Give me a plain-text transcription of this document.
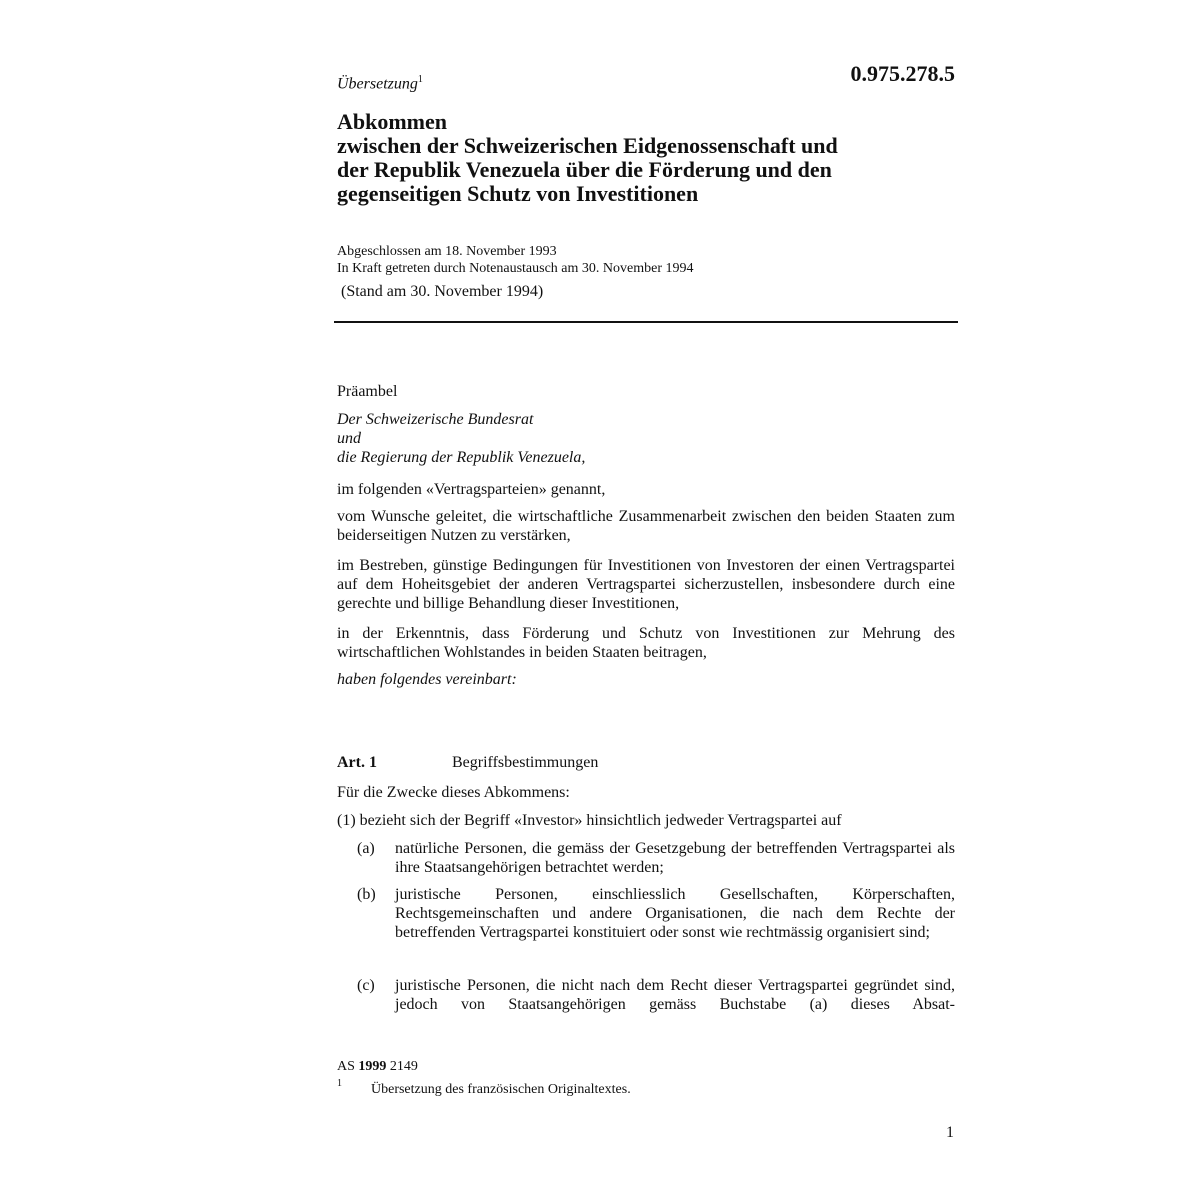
Übersetzung$^1$	0.975.278.5
Abkommen
zwischen der Schweizerischen Eidgenossenschaft und
der Republik Venezuela über die Förderung und den
gegenseitigen Schutz von Investitionen
Abgeschlossen am 18. November 1993
In Kraft getreten durch Notenaustausch am 30. November 1994
(Stand am 30. November 1994)
Präambel
Der Schweizerische Bundesrat
und
die Regierung der Republik Venezuela,
im folgenden «Vertragsparteien» genannt,
vom Wunsche geleitet, die wirtschaftliche Zusammenarbeit zwischen den beiden Staaten zum beiderseitigen Nutzen zu verstärken,
im Bestreben, günstige Bedingungen für Investitionen von Investoren der einen Vertragspartei auf dem Hoheitsgebiet der anderen Vertragspartei sicherzustellen, insbesondere durch eine gerechte und billige Behandlung dieser Investitionen,
in der Erkenntnis, dass Förderung und Schutz von Investitionen zur Mehrung des wirtschaftlichen Wohlstandes in beiden Staaten beitragen,
haben folgendes vereinbart:
Art. 1	Begriffsbestimmungen
Für die Zwecke dieses Abkommens:
(1) bezieht sich der Begriff «Investor» hinsichtlich jedweder Vertragspartei auf
(a) natürliche Personen, die gemäss der Gesetzgebung der betreffenden Vertragspartei als ihre Staatsangehörigen betrachtet werden;
(b) juristische Personen, einschliesslich Gesellschaften, Körperschaften, Rechtsgemeinschaften und andere Organisationen, die nach dem Rechte der betreffenden Vertragspartei konstituiert oder sonst wie rechtmässig organisiert sind;
(c) juristische Personen, die nicht nach dem Recht dieser Vertragspartei gegründet sind, jedoch von Staatsangehörigen gemäss Buchstabe (a) dieses Absat-
AS 1999 2149
1 Übersetzung des französischen Originaltextes.
1
